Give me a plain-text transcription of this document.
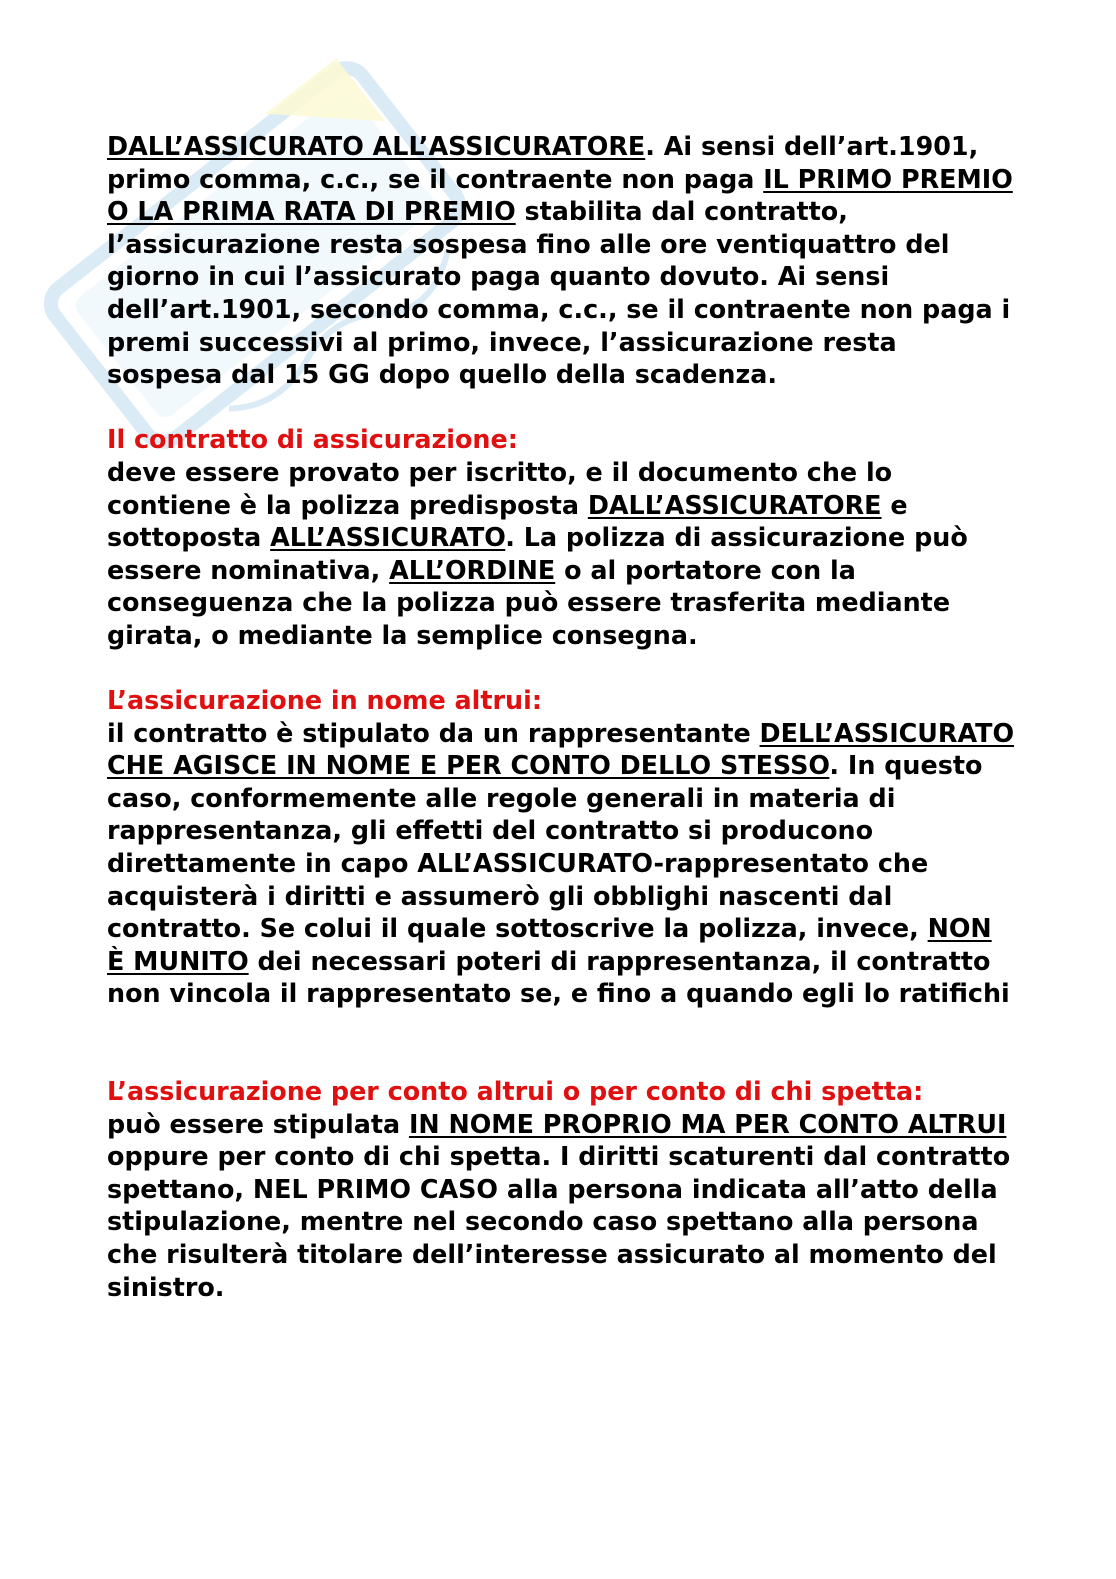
DALL’ASSICURATO ALL’ASSICURATORE. Ai sensi dell’art.1901, primo comma, c.c., se il contraente non paga IL PRIMO PREMIO O LA PRIMA RATA DI PREMIO stabilita dal contratto, l’assicurazione resta sospesa fino alle ore ventiquattro del giorno in cui l’assicurato paga quanto dovuto. Ai sensi dell’art.1901, secondo comma, c.c., se il contraente non paga i premi successivi al primo, invece, l’assicurazione resta sospesa dal 15 GG dopo quello della scadenza.

Il contratto di assicurazione:

deve essere provato per iscritto, e il documento che lo contiene è la polizza predisposta DALL’ASSICURATORE e sottoposta ALL’ASSICURATO. La polizza di assicurazione può essere nominativa, ALL’ORDINE o al portatore con la conseguenza che la polizza può essere trasferita mediante girata, o mediante la semplice consegna.

L’assicurazione in nome altrui:

il contratto è stipulato da un rappresentante DELL’ASSICURATO CHE AGISCE IN NOME E PER CONTO DELLO STESSO. In questo caso, conformemente alle regole generali in materia di rappresentanza, gli effetti del contratto si producono direttamente in capo ALL’ASSICURATO-rappresentato che acquisterà i diritti e assumerò gli obblighi nascenti dal contratto. Se colui il quale sottoscrive la polizza, invece, NON È MUNITO dei necessari poteri di rappresentanza, il contratto non vincola il rappresentato se, e fino a quando egli lo ratifichi

L’assicurazione per conto altrui o per conto di chi spetta:

può essere stipulata IN NOME PROPRIO MA PER CONTO ALTRUI oppure per conto di chi spetta. I diritti scaturenti dal contratto spettano, NEL PRIMO CASO alla persona indicata all’atto della stipulazione, mentre nel secondo caso spettano alla persona che risulterà titolare dell’interesse assicurato al momento del sinistro.
